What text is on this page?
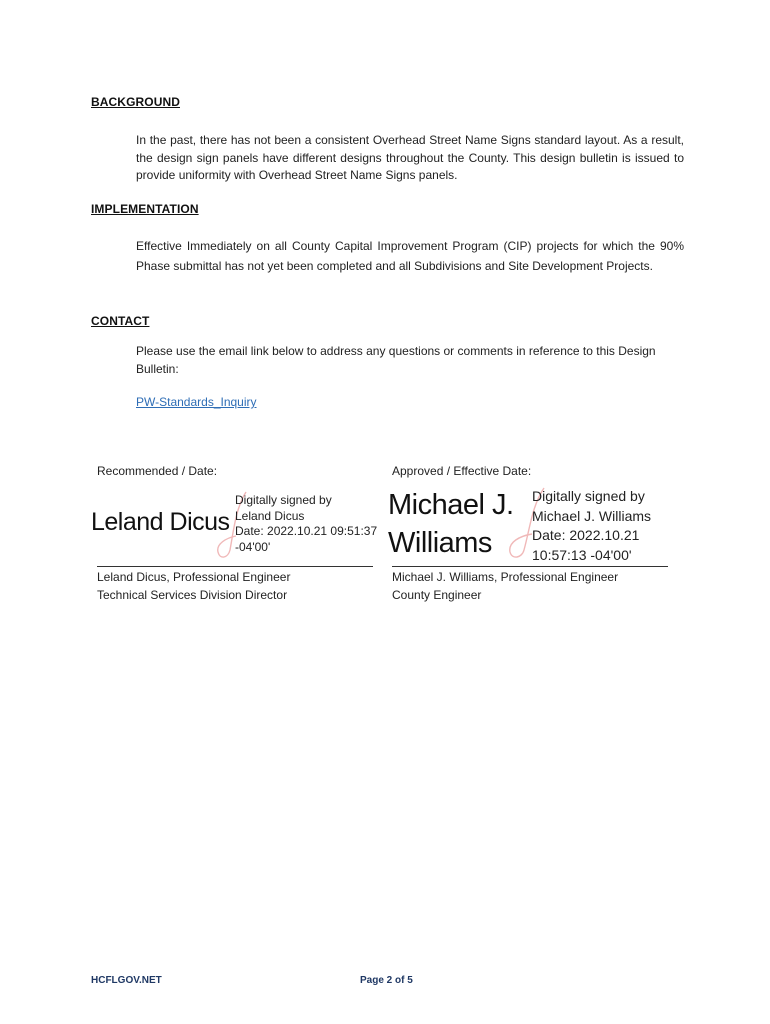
BACKGROUND

In the past, there has not been a consistent Overhead Street Name Signs standard layout. As a result, the design sign panels have different designs throughout the County. This design bulletin is issued to provide uniformity with Overhead Street Name Signs panels.

IMPLEMENTATION

Effective Immediately on all County Capital Improvement Program (CIP) projects for which the 90% Phase submittal has not yet been completed and all Subdivisions and Site Development Projects.

CONTACT

Please use the email link below to address any questions or comments in reference to this Design Bulletin:

PW-Standards_Inquiry
Recommended / Date:
Leland Dicus
Digitally signed by
Leland Dicus
Date: 2022.10.21 09:51:37
-04'00'
Leland Dicus, Professional Engineer
Technical Services Division Director
Approved / Effective Date:
Michael J.
Williams
Digitally signed by
Michael J. Williams
Date: 2022.10.21
10:57:13 -04'00'
Michael J. Williams, Professional Engineer
County Engineer
HCFLGOV.NET	Page 2 of 5
